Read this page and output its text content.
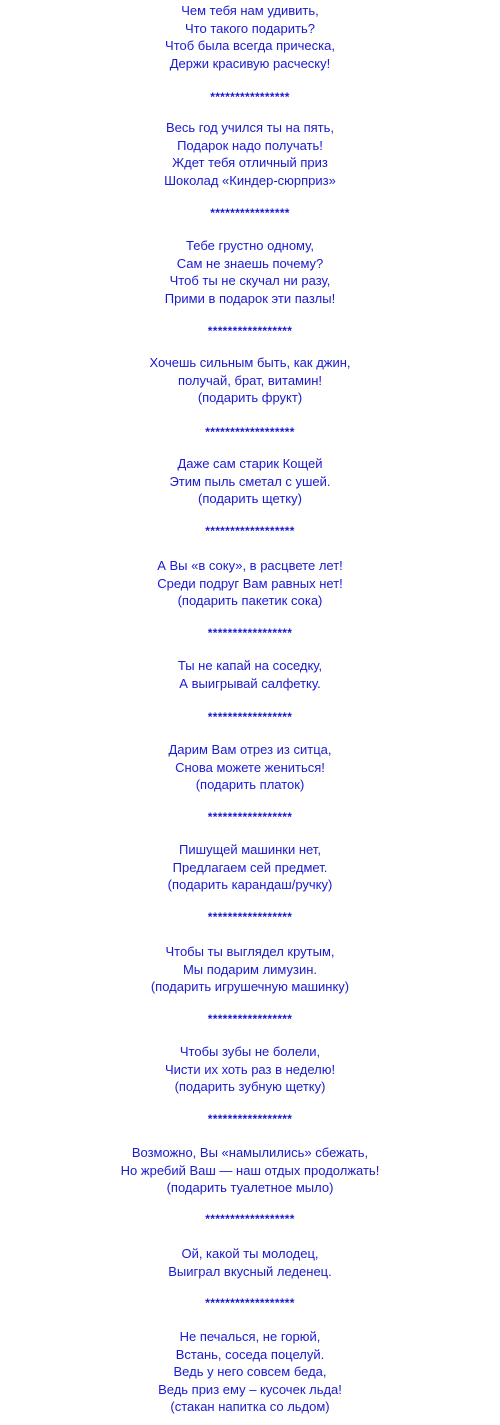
Чем тебя нам удивить,

Что такого подарить?

Чтоб была всегда прическа,

Держи красивую расческу!

****************

Весь год учился ты на пять,

Подарок надо получать!

Ждет тебя отличный приз

Шоколад «Киндер-сюрприз»

****************

Тебе грустно одному,

Сам не знаешь почему?

Чтоб ты не скучал ни разу,

Прими в подарок эти пазлы!

*****************

Хочешь сильным быть, как джин,

получай, брат, витамин!

(подарить фрукт)

******************

Даже сам старик Кощей

Этим пыль сметал с ушей.

(подарить щетку)

******************

А Вы «в соку», в расцвете лет!

Среди подруг Вам равных нет!

(подарить пакетик сока)

*****************

Ты не капай на соседку,

А выигрывай салфетку.

*****************

Дарим Вам отрез из ситца,

Снова можете жениться!

(подарить платок)

*****************

Пишущей машинки нет,

Предлагаем сей предмет.

(подарить карандаш/ручку)

*****************

Чтобы ты выглядел крутым,

Мы подарим лимузин.

(подарить игрушечную машинку)

*****************

Чтобы зубы не болели,

Чисти их хоть раз в неделю!

(подарить зубную щетку)

*****************

Возможно, Вы «намылились» сбежать,

Но жребий Ваш — наш отдых продолжать!

(подарить туалетное мыло)

******************

Ой, какой ты молодец,

Выиграл вкусный леденец.

******************

Не печалься, не горюй,

Встань, соседа поцелуй.

Ведь у него совсем беда,

Ведь приз ему – кусочек льда!

(стакан напитка со льдом)
